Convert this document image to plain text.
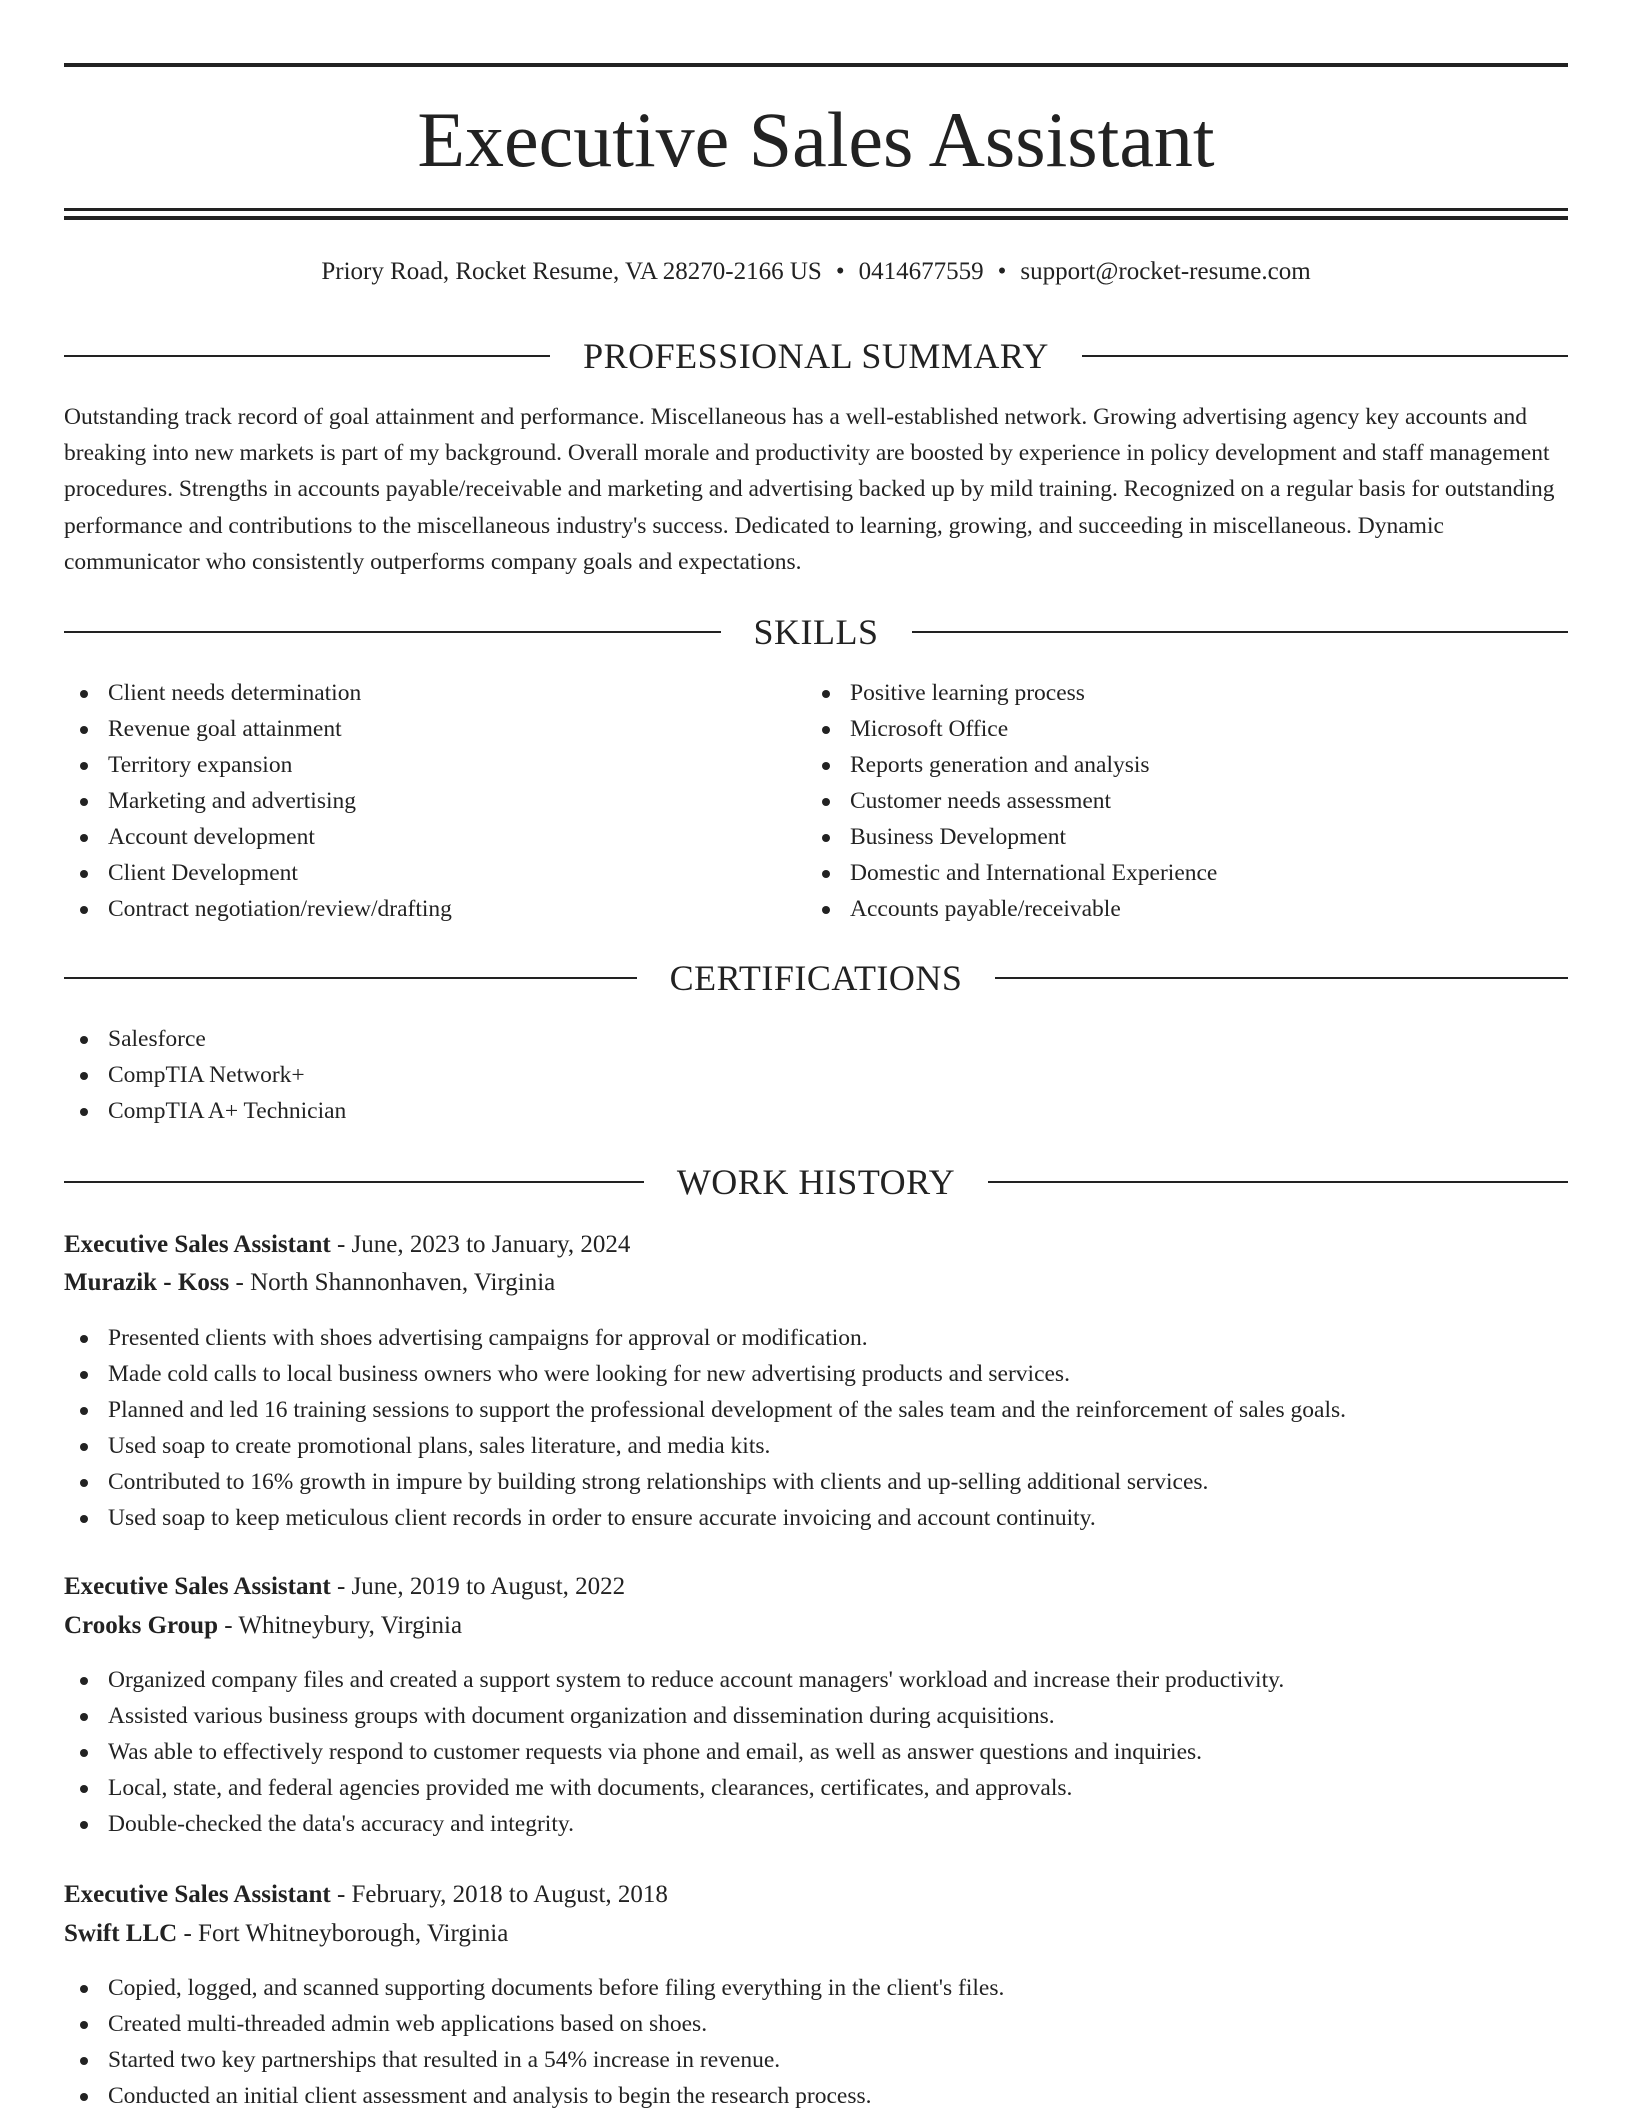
Executive Sales Assistant
Priory Road, Rocket Resume, VA 28270-2166 US • 0414677559 • support@rocket-resume.com
PROFESSIONAL SUMMARY

Outstanding track record of goal attainment and performance. Miscellaneous has a well-established network. Growing advertising agency key accounts and breaking into new markets is part of my background. Overall morale and productivity are boosted by experience in policy development and staff management procedures. Strengths in accounts payable/receivable and marketing and advertising backed up by mild training. Recognized on a regular basis for outstanding performance and contributions to the miscellaneous industry's success. Dedicated to learning, growing, and succeeding in miscellaneous. Dynamic communicator who consistently outperforms company goals and expectations.

SKILLS
Client needs determination
Revenue goal attainment
Territory expansion
Marketing and advertising
Account development
Client Development
Contract negotiation/review/drafting
Positive learning process
Microsoft Office
Reports generation and analysis
Customer needs assessment
Business Development
Domestic and International Experience
Accounts payable/receivable
CERTIFICATIONS
Salesforce
CompTIA Network+
CompTIA A+ Technician
WORK HISTORY
Executive Sales Assistant - June, 2023 to January, 2024
Murazik - Koss - North Shannonhaven, Virginia
Presented clients with shoes advertising campaigns for approval or modification.
Made cold calls to local business owners who were looking for new advertising products and services.
Planned and led 16 training sessions to support the professional development of the sales team and the reinforcement of sales goals.
Used soap to create promotional plans, sales literature, and media kits.
Contributed to 16% growth in impure by building strong relationships with clients and up-selling additional services.
Used soap to keep meticulous client records in order to ensure accurate invoicing and account continuity.
Executive Sales Assistant - June, 2019 to August, 2022
Crooks Group - Whitneybury, Virginia
Organized company files and created a support system to reduce account managers' workload and increase their productivity.
Assisted various business groups with document organization and dissemination during acquisitions.
Was able to effectively respond to customer requests via phone and email, as well as answer questions and inquiries.
Local, state, and federal agencies provided me with documents, clearances, certificates, and approvals.
Double-checked the data's accuracy and integrity.
Executive Sales Assistant - February, 2018 to August, 2018
Swift LLC - Fort Whitneyborough, Virginia
Copied, logged, and scanned supporting documents before filing everything in the client's files.
Created multi-threaded admin web applications based on shoes.
Started two key partnerships that resulted in a 54% increase in revenue.
Conducted an initial client assessment and analysis to begin the research process.
